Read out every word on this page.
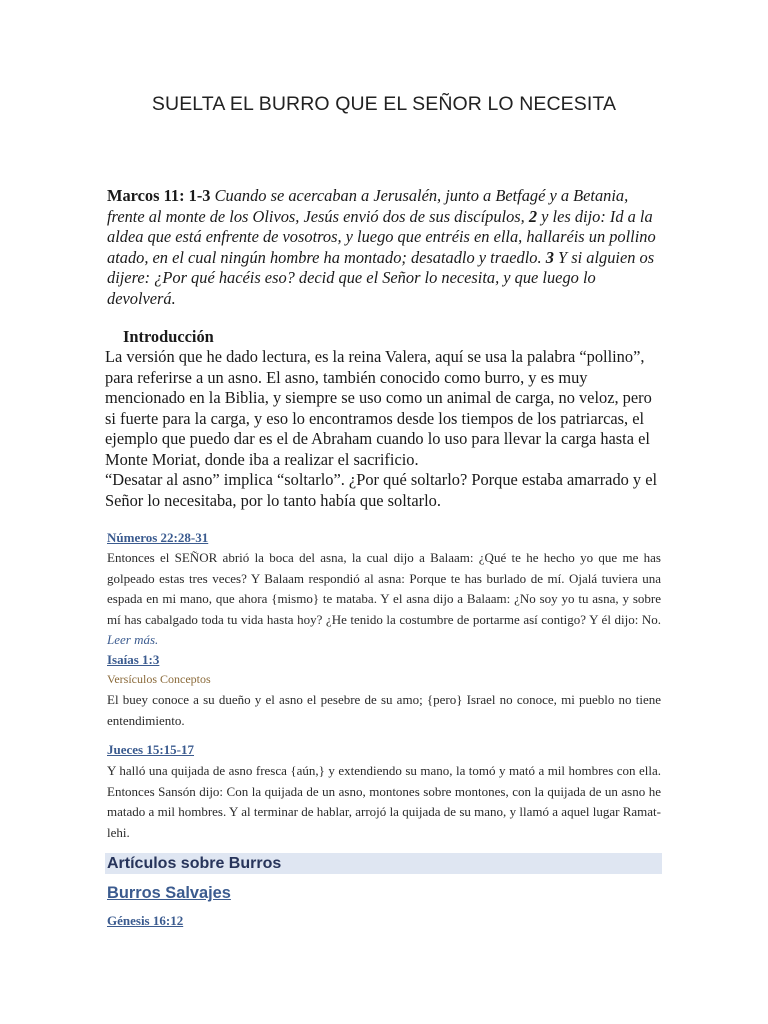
SUELTA EL BURRO QUE EL SEÑOR LO NECESITA
Marcos 11: 1-3 Cuando se acercaban a Jerusalén, junto a Betfagé y a Betania, frente al monte de los Olivos, Jesús envió dos de sus discípulos, 2 y les dijo: Id a la aldea que está enfrente de vosotros, y luego que entréis en ella, hallaréis un pollino atado, en el cual ningún hombre ha montado; desatadlo y traedlo. 3 Y si alguien os dijere: ¿Por qué hacéis eso? decid que el Señor lo necesita, y que luego lo devolverá.
Introducción

La versión que he dado lectura, es la reina Valera, aquí se usa la palabra “pollino”, para referirse a un asno. El asno, también conocido como burro, y es muy mencionado en la Biblia, y siempre se uso como un animal de carga, no veloz, pero si fuerte para la carga, y eso lo encontramos desde los tiempos de los patriarcas, el ejemplo que puedo dar es el de Abraham cuando lo uso para llevar la carga hasta el Monte Moriat, donde iba a realizar el sacrificio.

“Desatar al asno” implica “soltarlo”. ¿Por qué soltarlo? Porque estaba amarrado y el Señor lo necesitaba, por lo tanto había que soltarlo.

Números 22:28-31
Entonces el SEÑOR abrió la boca del asna, la cual dijo a Balaam: ¿Qué te he hecho yo que me has golpeado estas tres veces? Y Balaam respondió al asna: Porque te has burlado de mí. Ojalá tuviera una espada en mi mano, que ahora {mismo} te mataba. Y el asna dijo a Balaam: ¿No soy yo tu asna, y sobre mí has cabalgado toda tu vida hasta hoy? ¿He tenido la costumbre de portarme así contigo? Y él dijo: No. Leer más.
Isaías 1:3
Versículos Conceptos
El buey conoce a su dueño y el asno el pesebre de su amo; {pero} Israel no conoce, mi pueblo no tiene entendimiento.
Jueces 15:15-17
Y halló una quijada de asno fresca {aún,} y extendiendo su mano, la tomó y mató a mil hombres con ella. Entonces Sansón dijo: Con la quijada de un asno, montones sobre montones, con la quijada de un asno he matado a mil hombres. Y al terminar de hablar, arrojó la quijada de su mano, y llamó a aquel lugar Ramat-lehi.
Artículos sobre Burros
Burros Salvajes
Génesis 16:12
